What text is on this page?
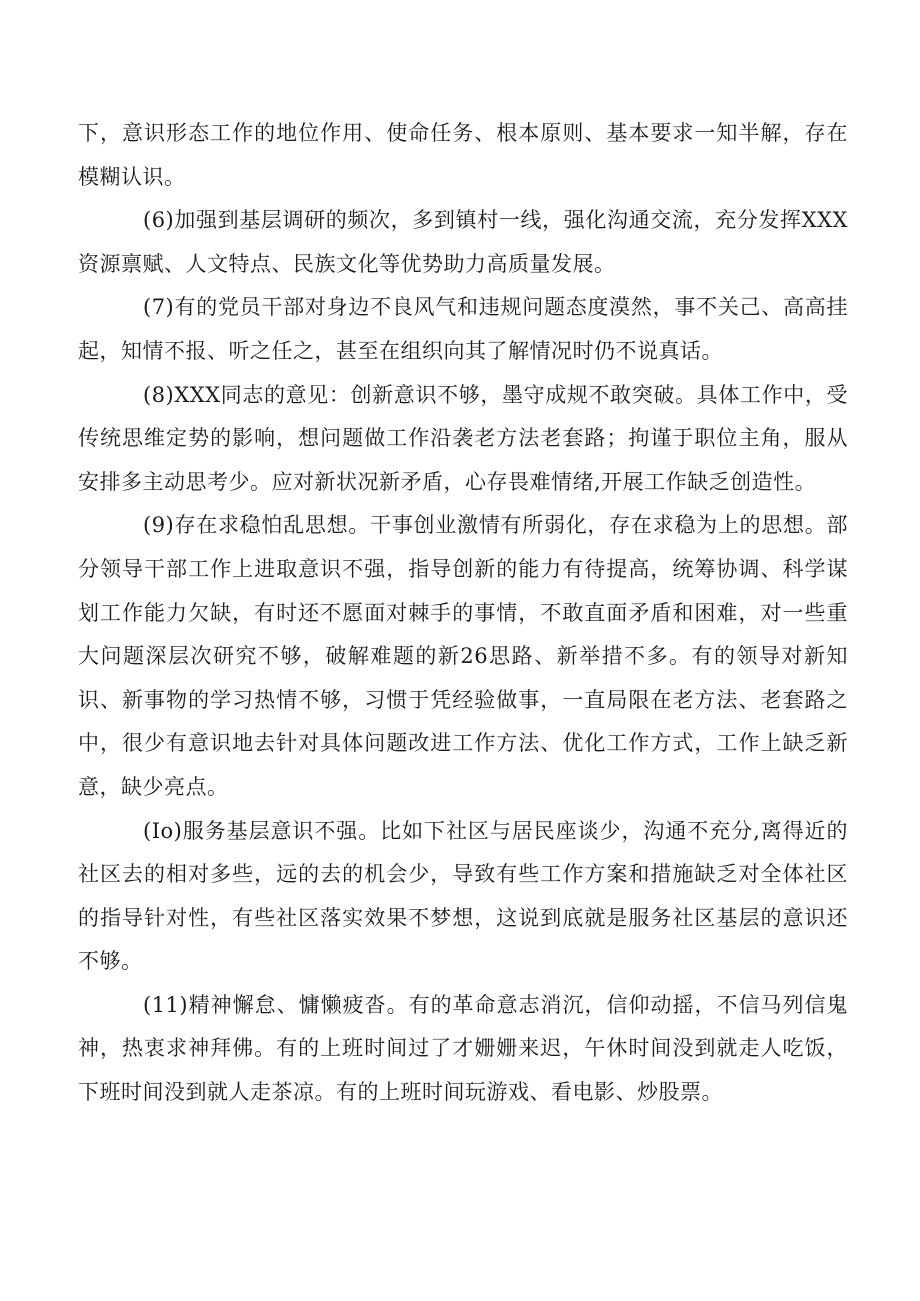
下，意识形态工作的地位作用、使命任务、根本原则、基本要求一知半解，存在模糊认识。

(6)加强到基层调研的频次，多到镇村一线，强化沟通交流，充分发挥XXX资源禀赋、人文特点、民族文化等优势助力高质量发展。

(7)有的党员干部对身边不良风气和违规问题态度漠然，事不关己、高高挂起，知情不报、听之任之，甚至在组织向其了解情况时仍不说真话。

(8)XXX同志的意见：创新意识不够，墨守成规不敢突破。具体工作中，受传统思维定势的影响，想问题做工作沿袭老方法老套路；拘谨于职位主角，服从安排多主动思考少。应对新状况新矛盾，心存畏难情绪,开展工作缺乏创造性。

(9)存在求稳怕乱思想。干事创业激情有所弱化，存在求稳为上的思想。部分领导干部工作上进取意识不强，指导创新的能力有待提高，统筹协调、科学谋划工作能力欠缺，有时还不愿面对棘手的事情，不敢直面矛盾和困难，对一些重大问题深层次研究不够，破解难题的新26思路、新举措不多。有的领导对新知识、新事物的学习热情不够，习惯于凭经验做事，一直局限在老方法、老套路之中，很少有意识地去针对具体问题改进工作方法、优化工作方式，工作上缺乏新意，缺少亮点。

(Io)服务基层意识不强。比如下社区与居民座谈少，沟通不充分,离得近的社区去的相对多些，远的去的机会少，导致有些工作方案和措施缺乏对全体社区的指导针对性，有些社区落实效果不梦想，这说到底就是服务社区基层的意识还不够。

(11)精神懈怠、慵懒疲沓。有的革命意志消沉，信仰动摇，不信马列信鬼神，热衷求神拜佛。有的上班时间过了才姗姗来迟，午休时间没到就走人吃饭，下班时间没到就人走茶凉。有的上班时间玩游戏、看电影、炒股票。
